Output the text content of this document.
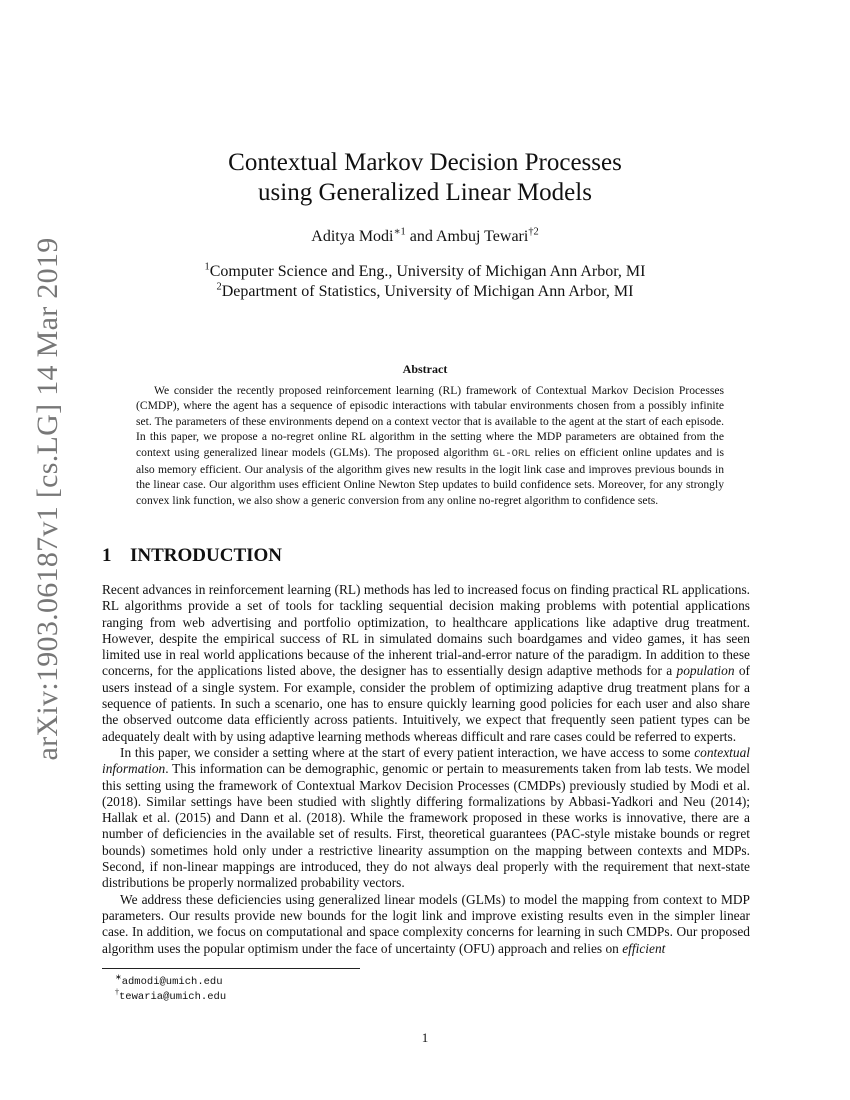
arXiv:1903.06187v1 [cs.LG] 14 Mar 2019
Contextual Markov Decision Processes
using Generalized Linear Models
Aditya Modi$^{∗1}$ and Ambuj Tewari$^{\dagger 2}$
$^1$Computer Science and Eng., University of Michigan Ann Arbor, MI
$^2$Department of Statistics, University of Michigan Ann Arbor, MI
Abstract

We consider the recently proposed reinforcement learning (RL) framework of Contextual Markov Decision Processes (CMDP), where the agent has a sequence of episodic interactions with tabular environments chosen from a possibly infinite set. The parameters of these environments depend on a context vector that is available to the agent at the start of each episode. In this paper, we propose a no-regret online RL algorithm in the setting where the MDP parameters are obtained from the context using generalized linear models (GLMs). The proposed algorithm GL-ORL relies on efficient online updates and is also memory efficient. Our analysis of the algorithm gives new results in the logit link case and improves previous bounds in the linear case. Our algorithm uses efficient Online Newton Step updates to build confidence sets. Moreover, for any strongly convex link function, we also show a generic conversion from any online no-regret algorithm to confidence sets.

1 INTRODUCTION

Recent advances in reinforcement learning (RL) methods has led to increased focus on finding practical RL applications. RL algorithms provide a set of tools for tackling sequential decision making problems with potential applications ranging from web advertising and portfolio optimization, to healthcare applications like adaptive drug treatment. However, despite the empirical success of RL in simulated domains such boardgames and video games, it has seen limited use in real world applications because of the inherent trial-and-error nature of the paradigm. In addition to these concerns, for the applications listed above, the designer has to essentially design adaptive methods for a population of users instead of a single system. For example, consider the problem of optimizing adaptive drug treatment plans for a sequence of patients. In such a scenario, one has to ensure quickly learning good policies for each user and also share the observed outcome data efficiently across patients. Intuitively, we expect that frequently seen patient types can be adequately dealt with by using adaptive learning methods whereas difficult and rare cases could be referred to experts.

In this paper, we consider a setting where at the start of every patient interaction, we have access to some contextual information. This information can be demographic, genomic or pertain to measurements taken from lab tests. We model this setting using the framework of Contextual Markov Decision Processes (CMDPs) previously studied by Modi et al. (2018). Similar settings have been studied with slightly differing formalizations by Abbasi-Yadkori and Neu (2014); Hallak et al. (2015) and Dann et al. (2018). While the framework proposed in these works is innovative, there are a number of deficiencies in the available set of results. First, theoretical guarantees (PAC-style mistake bounds or regret bounds) sometimes hold only under a restrictive linearity assumption on the mapping between contexts and MDPs. Second, if non-linear mappings are introduced, they do not always deal properly with the requirement that next-state distributions be properly normalized probability vectors.

We address these deficiencies using generalized linear models (GLMs) to model the mapping from context to MDP parameters. Our results provide new bounds for the logit link and improve existing results even in the simpler linear case. In addition, we focus on computational and space complexity concerns for learning in such CMDPs. Our proposed algorithm uses the popular optimism under the face of uncertainty (OFU) approach and relies on efficient

∗admodi@umich.edu
†tewaria@umich.edu
1
